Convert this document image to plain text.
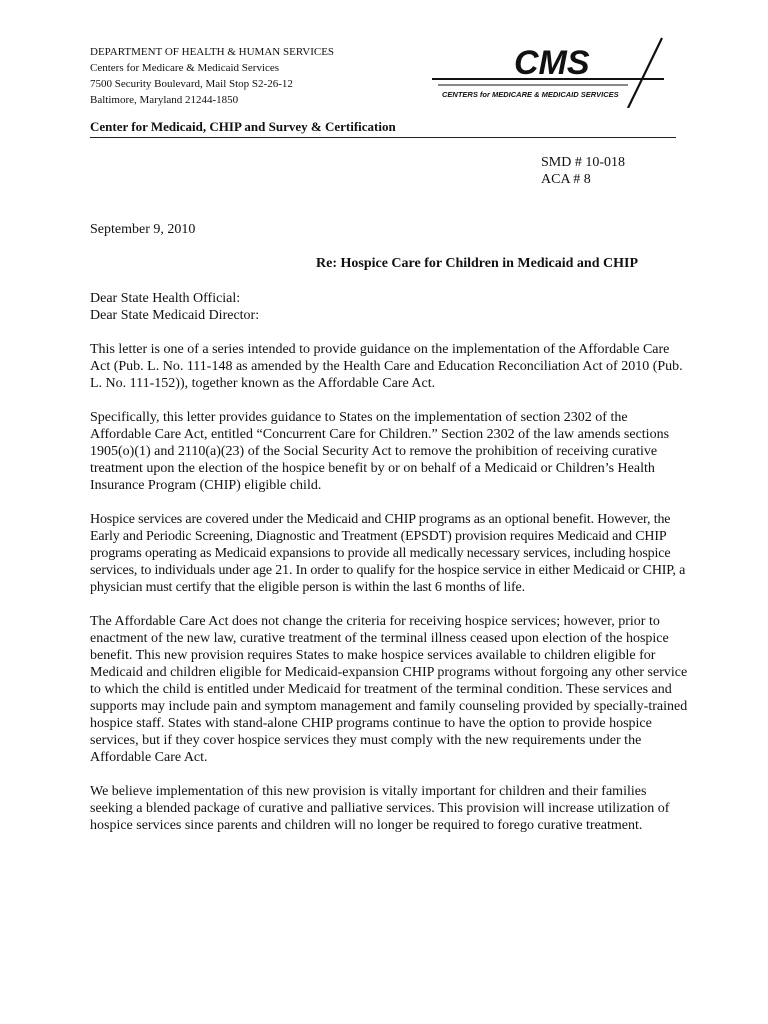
DEPARTMENT OF HEALTH & HUMAN SERVICES
Centers for Medicare & Medicaid Services
7500 Security Boulevard, Mail Stop S2-26-12
Baltimore, Maryland 21244-1850
CMS
CENTERS for MEDICARE & MEDICAID SERVICES
Center for Medicaid, CHIP and Survey & Certification
SMD # 10-018
ACA # 8
September 9, 2010
Re: Hospice Care for Children in Medicaid and CHIP

Dear State Health Official:

Dear State Medicaid Director:

This letter is one of a series intended to provide guidance on the implementation of the Affordable Care Act (Pub. L. No. 111-148 as amended by the Health Care and Education Reconciliation Act of 2010 (Pub. L. No. 111-152)), together known as the Affordable Care Act.

Specifically, this letter provides guidance to States on the implementation of section 2302 of the Affordable Care Act, entitled “Concurrent Care for Children.” Section 2302 of the law amends sections 1905(o)(1) and 2110(a)(23) of the Social Security Act to remove the prohibition of receiving curative treatment upon the election of the hospice benefit by or on behalf of a Medicaid or Children’s Health Insurance Program (CHIP) eligible child.

Hospice services are covered under the Medicaid and CHIP programs as an optional benefit. However, the Early and Periodic Screening, Diagnostic and Treatment (EPSDT) provision requires Medicaid and CHIP programs operating as Medicaid expansions to provide all medically necessary services, including hospice services, to individuals under age 21. In order to qualify for the hospice service in either Medicaid or CHIP, a physician must certify that the eligible person is within the last 6 months of life.

The Affordable Care Act does not change the criteria for receiving hospice services; however, prior to enactment of the new law, curative treatment of the terminal illness ceased upon election of the hospice benefit. This new provision requires States to make hospice services available to children eligible for Medicaid and children eligible for Medicaid-expansion CHIP programs without forgoing any other service to which the child is entitled under Medicaid for treatment of the terminal condition. These services and supports may include pain and symptom management and family counseling provided by specially-trained hospice staff. States with stand-alone CHIP programs continue to have the option to provide hospice services, but if they cover hospice services they must comply with the new requirements under the Affordable Care Act.

We believe implementation of this new provision is vitally important for children and their families seeking a blended package of curative and palliative services. This provision will increase utilization of hospice services since parents and children will no longer be required to forego curative treatment.
